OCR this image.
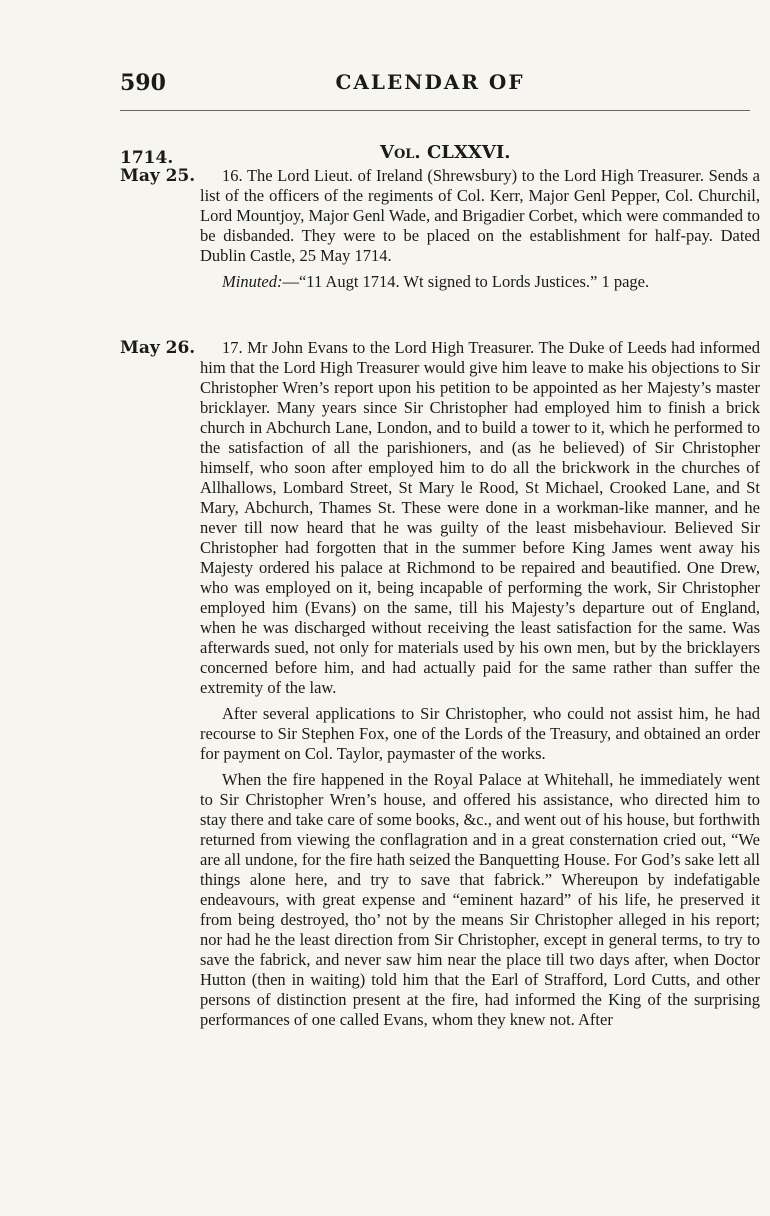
590	CALENDAR OF
Vol. CLXXVI.
1714.
May 25.
May 26.

16. The Lord Lieut. of Ireland (Shrewsbury) to the Lord High Treasurer. Sends a list of the officers of the regiments of Col. Kerr, Major Genl Pepper, Col. Churchil, Lord Mountjoy, Major Genl Wade, and Brigadier Corbet, which were commanded to be disbanded. They were to be placed on the establishment for half-pay. Dated Dublin Castle, 25 May 1714.

Minuted:—“11 Augt 1714. Wt signed to Lords Justices.” 1 page.

17. Mr John Evans to the Lord High Treasurer. The Duke of Leeds had informed him that the Lord High Treasurer would give him leave to make his objections to Sir Christopher Wren’s report upon his petition to be appointed as her Majesty’s master bricklayer. Many years since Sir Christopher had employed him to finish a brick church in Abchurch Lane, London, and to build a tower to it, which he performed to the satisfaction of all the parishioners, and (as he believed) of Sir Christopher himself, who soon after employed him to do all the brickwork in the churches of Allhallows, Lombard Street, St Mary le Rood, St Michael, Crooked Lane, and St Mary, Abchurch, Thames St. These were done in a workman-like manner, and he never till now heard that he was guilty of the least misbehaviour. Believed Sir Christopher had forgotten that in the summer before King James went away his Majesty ordered his palace at Richmond to be repaired and beautified. One Drew, who was employed on it, being incapable of performing the work, Sir Christopher employed him (Evans) on the same, till his Majesty’s departure out of England, when he was discharged without receiving the least satisfaction for the same. Was afterwards sued, not only for materials used by his own men, but by the bricklayers concerned before him, and had actually paid for the same rather than suffer the extremity of the law.

After several applications to Sir Christopher, who could not assist him, he had recourse to Sir Stephen Fox, one of the Lords of the Treasury, and obtained an order for payment on Col. Taylor, paymaster of the works.

When the fire happened in the Royal Palace at Whitehall, he immediately went to Sir Christopher Wren’s house, and offered his assistance, who directed him to stay there and take care of some books, &c., and went out of his house, but forthwith returned from viewing the conflagration and in a great consternation cried out, “We are all undone, for the fire hath seized the Banquetting House. For God’s sake lett all things alone here, and try to save that fabrick.” Whereupon by indefatigable endeavours, with great expense and “eminent hazard” of his life, he preserved it from being destroyed, tho’ not by the means Sir Christopher alleged in his report; nor had he the least direction from Sir Christopher, except in general terms, to try to save the fabrick, and never saw him near the place till two days after, when Doctor Hutton (then in waiting) told him that the Earl of Strafford, Lord Cutts, and other persons of distinction present at the fire, had informed the King of the surprising performances of one called Evans, whom they knew not. After
